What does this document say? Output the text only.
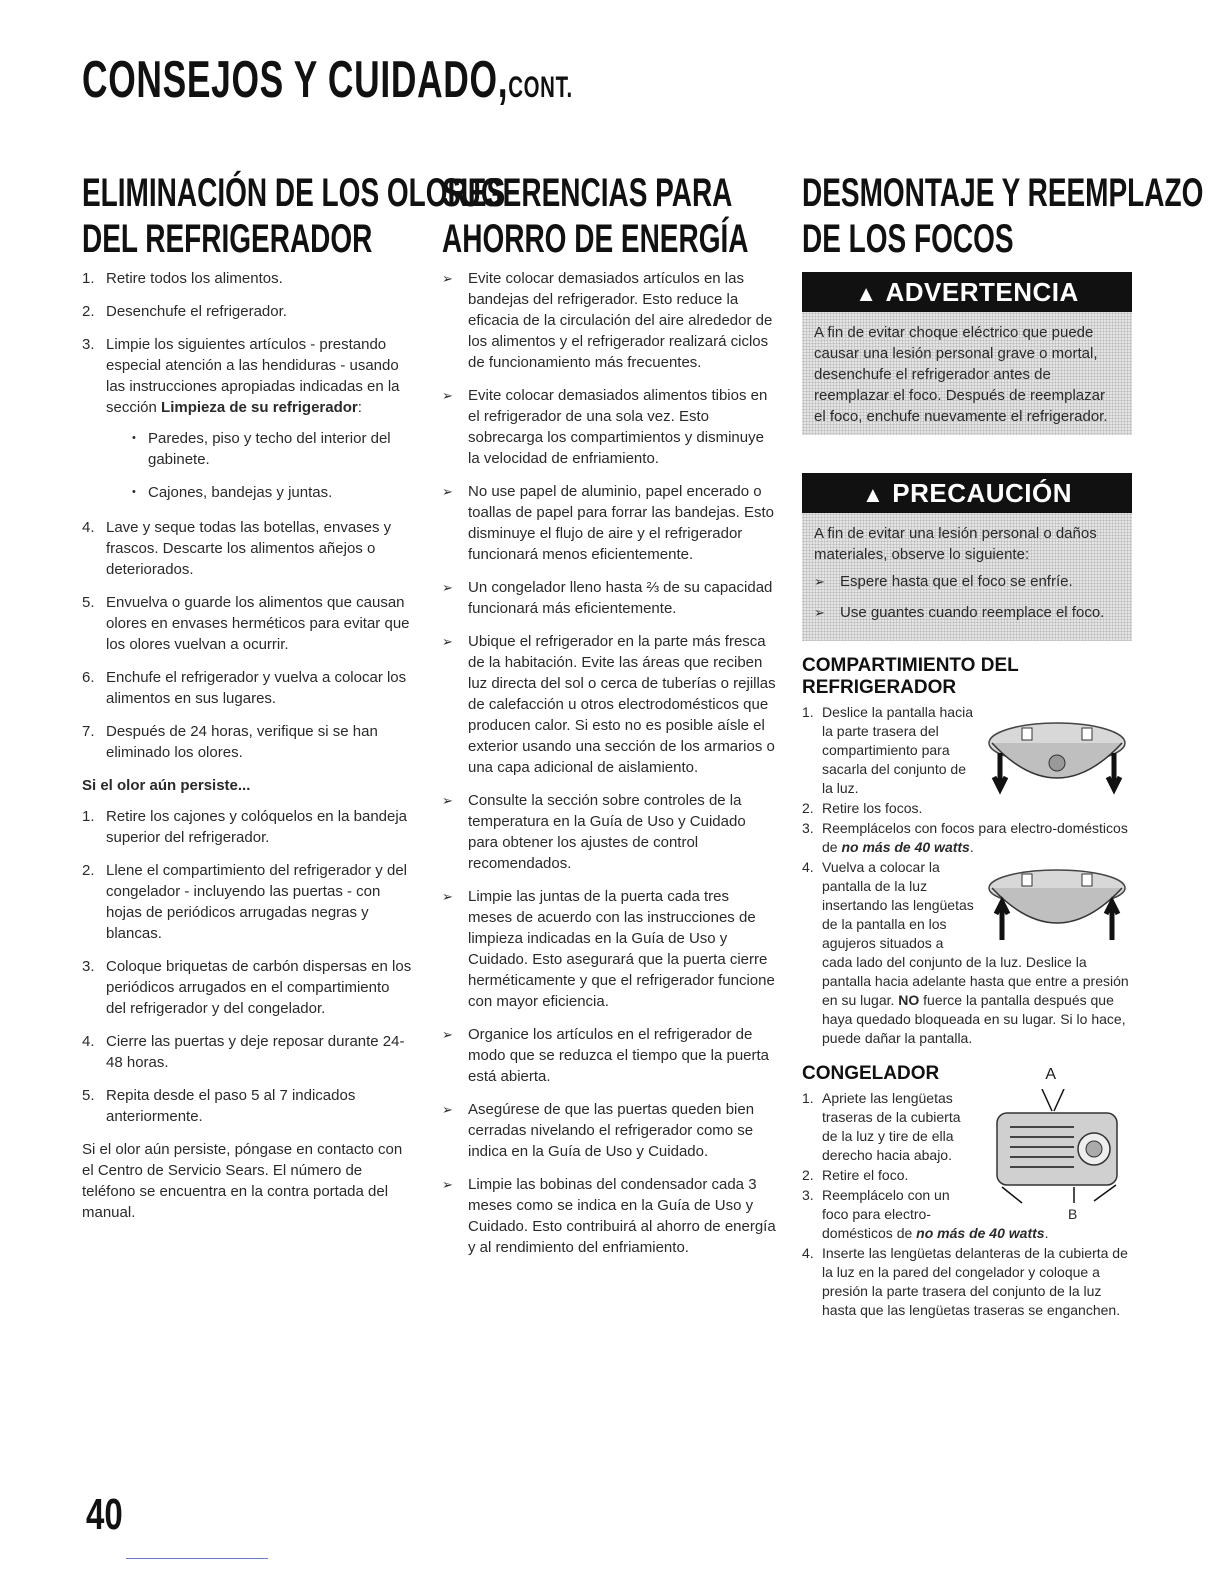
CONSEJOS Y CUIDADO,CONT.
ELIMINACIÓN DE LOS OLORES
DEL REFRIGERADOR
1. Retire todos los alimentos.
2. Desenchufe el refrigerador.
3. Limpie los siguientes artículos - prestando especial atención a las hendiduras - usando las instrucciones apropiadas indicadas en la sección Limpieza de su refrigerador:
• Paredes, piso y techo del interior del gabinete.
• Cajones, bandejas y juntas.
4. Lave y seque todas las botellas, envases y frascos. Descarte los alimentos añejos o deteriorados.
5. Envuelva o guarde los alimentos que causan olores en envases herméticos para evitar que los olores vuelvan a ocurrir.
6. Enchufe el refrigerador y vuelva a colocar los alimentos en sus lugares.
7. Después de 24 horas, verifique si se han eliminado los olores.
Si el olor aún persiste...
1. Retire los cajones y colóquelos en la bandeja superior del refrigerador.
2. Llene el compartimiento del refrigerador y del congelador - incluyendo las puertas - con hojas de periódicos arrugadas negras y blancas.
3. Coloque briquetas de carbón dispersas en los periódicos arrugados en el compartimiento del refrigerador y del congelador.
4. Cierre las puertas y deje reposar durante 24-48 horas.
5. Repita desde el paso 5 al 7 indicados anteriormente.

Si el olor aún persiste, póngase en contacto con el Centro de Servicio Sears. El número de teléfono se encuentra en la contra portada del manual.

SUGERENCIAS PARA
AHORRO DE ENERGÍA
➢ Evite colocar demasiados artículos en las bandejas del refrigerador. Esto reduce la eficacia de la circulación del aire alrededor de los alimentos y el refrigerador realizará ciclos de funcionamiento más frecuentes.
➢ Evite colocar demasiados alimentos tibios en el refrigerador de una sola vez. Esto sobrecarga los compartimientos y disminuye la velocidad de enfriamiento.
➢ No use papel de aluminio, papel encerado o toallas de papel para forrar las bandejas. Esto disminuye el flujo de aire y el refrigerador funcionará menos eficientemente.
➢ Un congelador lleno hasta ⅔ de su capacidad funcionará más eficientemente.
➢ Ubique el refrigerador en la parte más fresca de la habitación. Evite las áreas que reciben luz directa del sol o cerca de tuberías o rejillas de calefacción u otros electrodomésticos que producen calor. Si esto no es posible aísle el exterior usando una sección de los armarios o una capa adicional de aislamiento.
➢ Consulte la sección sobre controles de la temperatura en la Guía de Uso y Cuidado para obtener los ajustes de control recomendados.
➢ Limpie las juntas de la puerta cada tres meses de acuerdo con las instrucciones de limpieza indicadas en la Guía de Uso y Cuidado. Esto asegurará que la puerta cierre herméticamente y que el refrigerador funcione con mayor eficiencia.
➢ Organice los artículos en el refrigerador de modo que se reduzca el tiempo que la puerta está abierta.
➢ Asegúrese de que las puertas queden bien cerradas nivelando el refrigerador como se indica en la Guía de Uso y Cuidado.
➢ Limpie las bobinas del condensador cada 3 meses como se indica en la Guía de Uso y Cuidado. Esto contribuirá al ahorro de energía y al rendimiento del enfriamiento.
DESMONTAJE Y REEMPLAZO
DE LOS FOCOS
▲ ADVERTENCIA
A fin de evitar choque eléctrico que puede causar una lesión personal grave o mortal, desenchufe el refrigerador antes de reemplazar el foco. Después de reemplazar el foco, enchufe nuevamente el refrigerador.
▲ PRECAUCIÓN
A fin de evitar una lesión personal o daños materiales, observe lo siguiente:
➢ Espere hasta que el foco se enfríe.
➢ Use guantes cuando reemplace el foco.
COMPARTIMIENTO DEL REFRIGERADOR
1. Deslice la pantalla hacia la parte trasera del compartimiento para sacarla del conjunto de la luz.
2. Retire los focos.
3. Reemplácelos con focos para electro-domésticos de no más de 40 watts.
4. Vuelva a colocar la pantalla de la luz insertando las lengüetas de la pantalla en los agujeros situados a cada lado del conjunto de la luz. Deslice la pantalla hacia adelante hasta que entre a presión en su lugar. NO fuerce la pantalla después que haya quedado bloqueada en su lugar. Si lo hace, puede dañar la pantalla.
CONGELADOR	A
B
1. Apriete las lengüetas traseras de la cubierta de la luz y tire de ella derecho hacia abajo.
2. Retire el foco.
3. Reemplácelo con un foco para electro-domésticos de no más de 40 watts.
4. Inserte las lengüetas delanteras de la cubierta de la luz en la pared del congelador y coloque a presión la parte trasera del conjunto de la luz hasta que las lengüetas traseras se enganchen.
40
